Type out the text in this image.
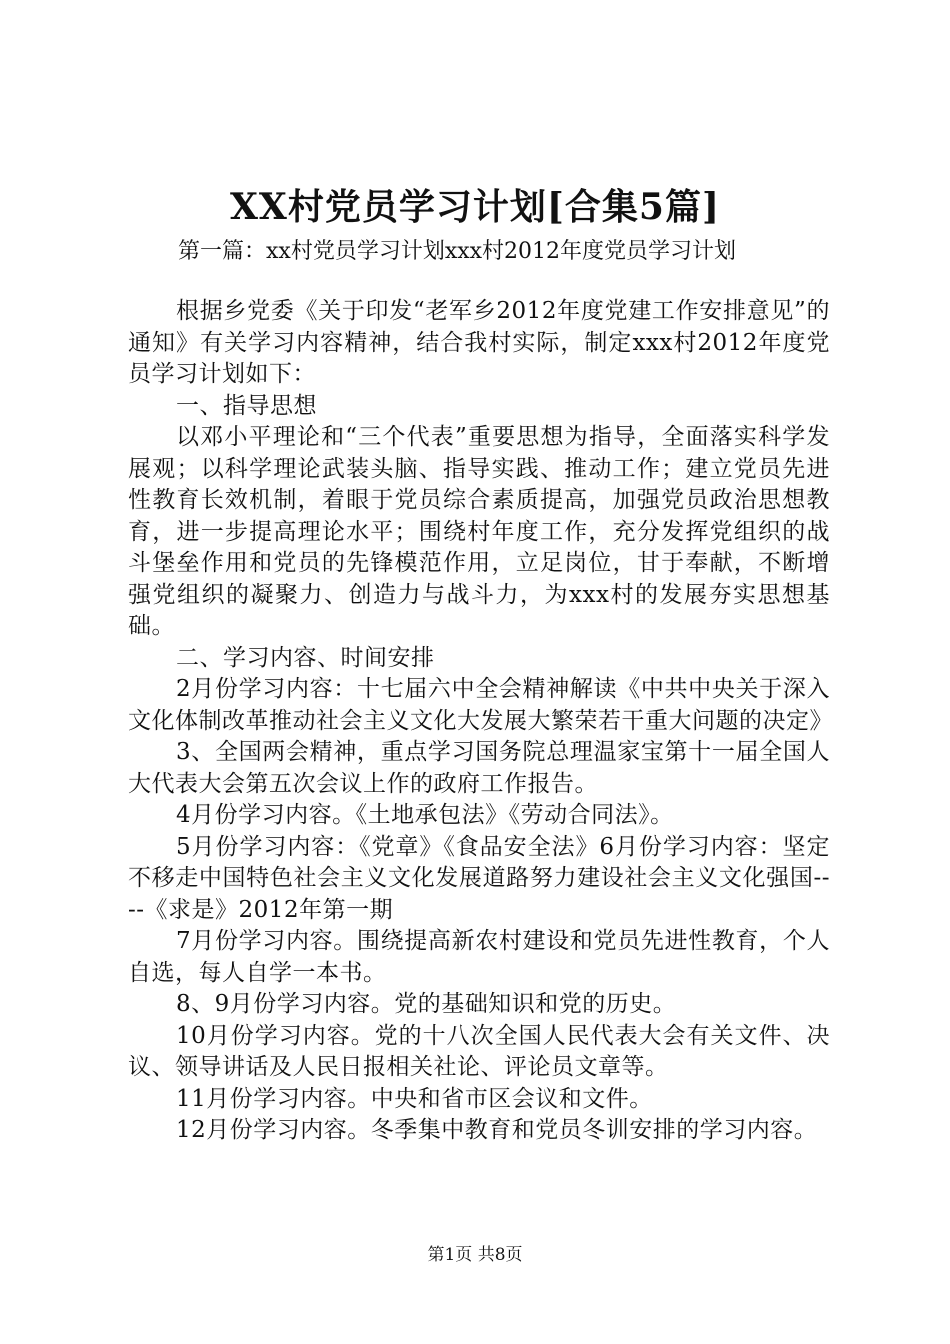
XX村党员学习计划[合集5篇]
第一篇：xx村党员学习计划xxx村2012年度党员学习计划

根据乡党委《关于印发“老军乡2012年度党建工作安排意见”的通知》有关学习内容精神，结合我村实际，制定xxx村2012年度党员学习计划如下：

一、指导思想

以邓小平理论和“三个代表”重要思想为指导，全面落实科学发展观；以科学理论武装头脑、指导实践、推动工作；建立党员先进性教育长效机制，着眼于党员综合素质提高，加强党员政治思想教育，进一步提高理论水平；围绕村年度工作，充分发挥党组织的战斗堡垒作用和党员的先锋模范作用，立足岗位，甘于奉献，不断增强党组织的凝聚力、创造力与战斗力，为xxx村的发展夯实思想基础。

二、学习内容、时间安排

2月份学习内容：十七届六中全会精神解读《中共中央关于深入文化体制改革推动社会主义文化大发展大繁荣若干重大问题的决定》

3、全国两会精神，重点学习国务院总理温家宝第十一届全国人大代表大会第五次会议上作的政府工作报告。

4月份学习内容。《土地承包法》《劳动合同法》。

5月份学习内容：《党章》《食品安全法》6月份学习内容：坚定不移走中国特色社会主义文化发展道路努力建设社会主义文化强国----《求是》2012年第一期

7月份学习内容。围绕提高新农村建设和党员先进性教育，个人自选，每人自学一本书。

8、9月份学习内容。党的基础知识和党的历史。

10月份学习内容。党的十八次全国人民代表大会有关文件、决议、领导讲话及人民日报相关社论、评论员文章等。

11月份学习内容。中央和省市区会议和文件。

12月份学习内容。冬季集中教育和党员冬训安排的学习内容。

第1页 共8页
